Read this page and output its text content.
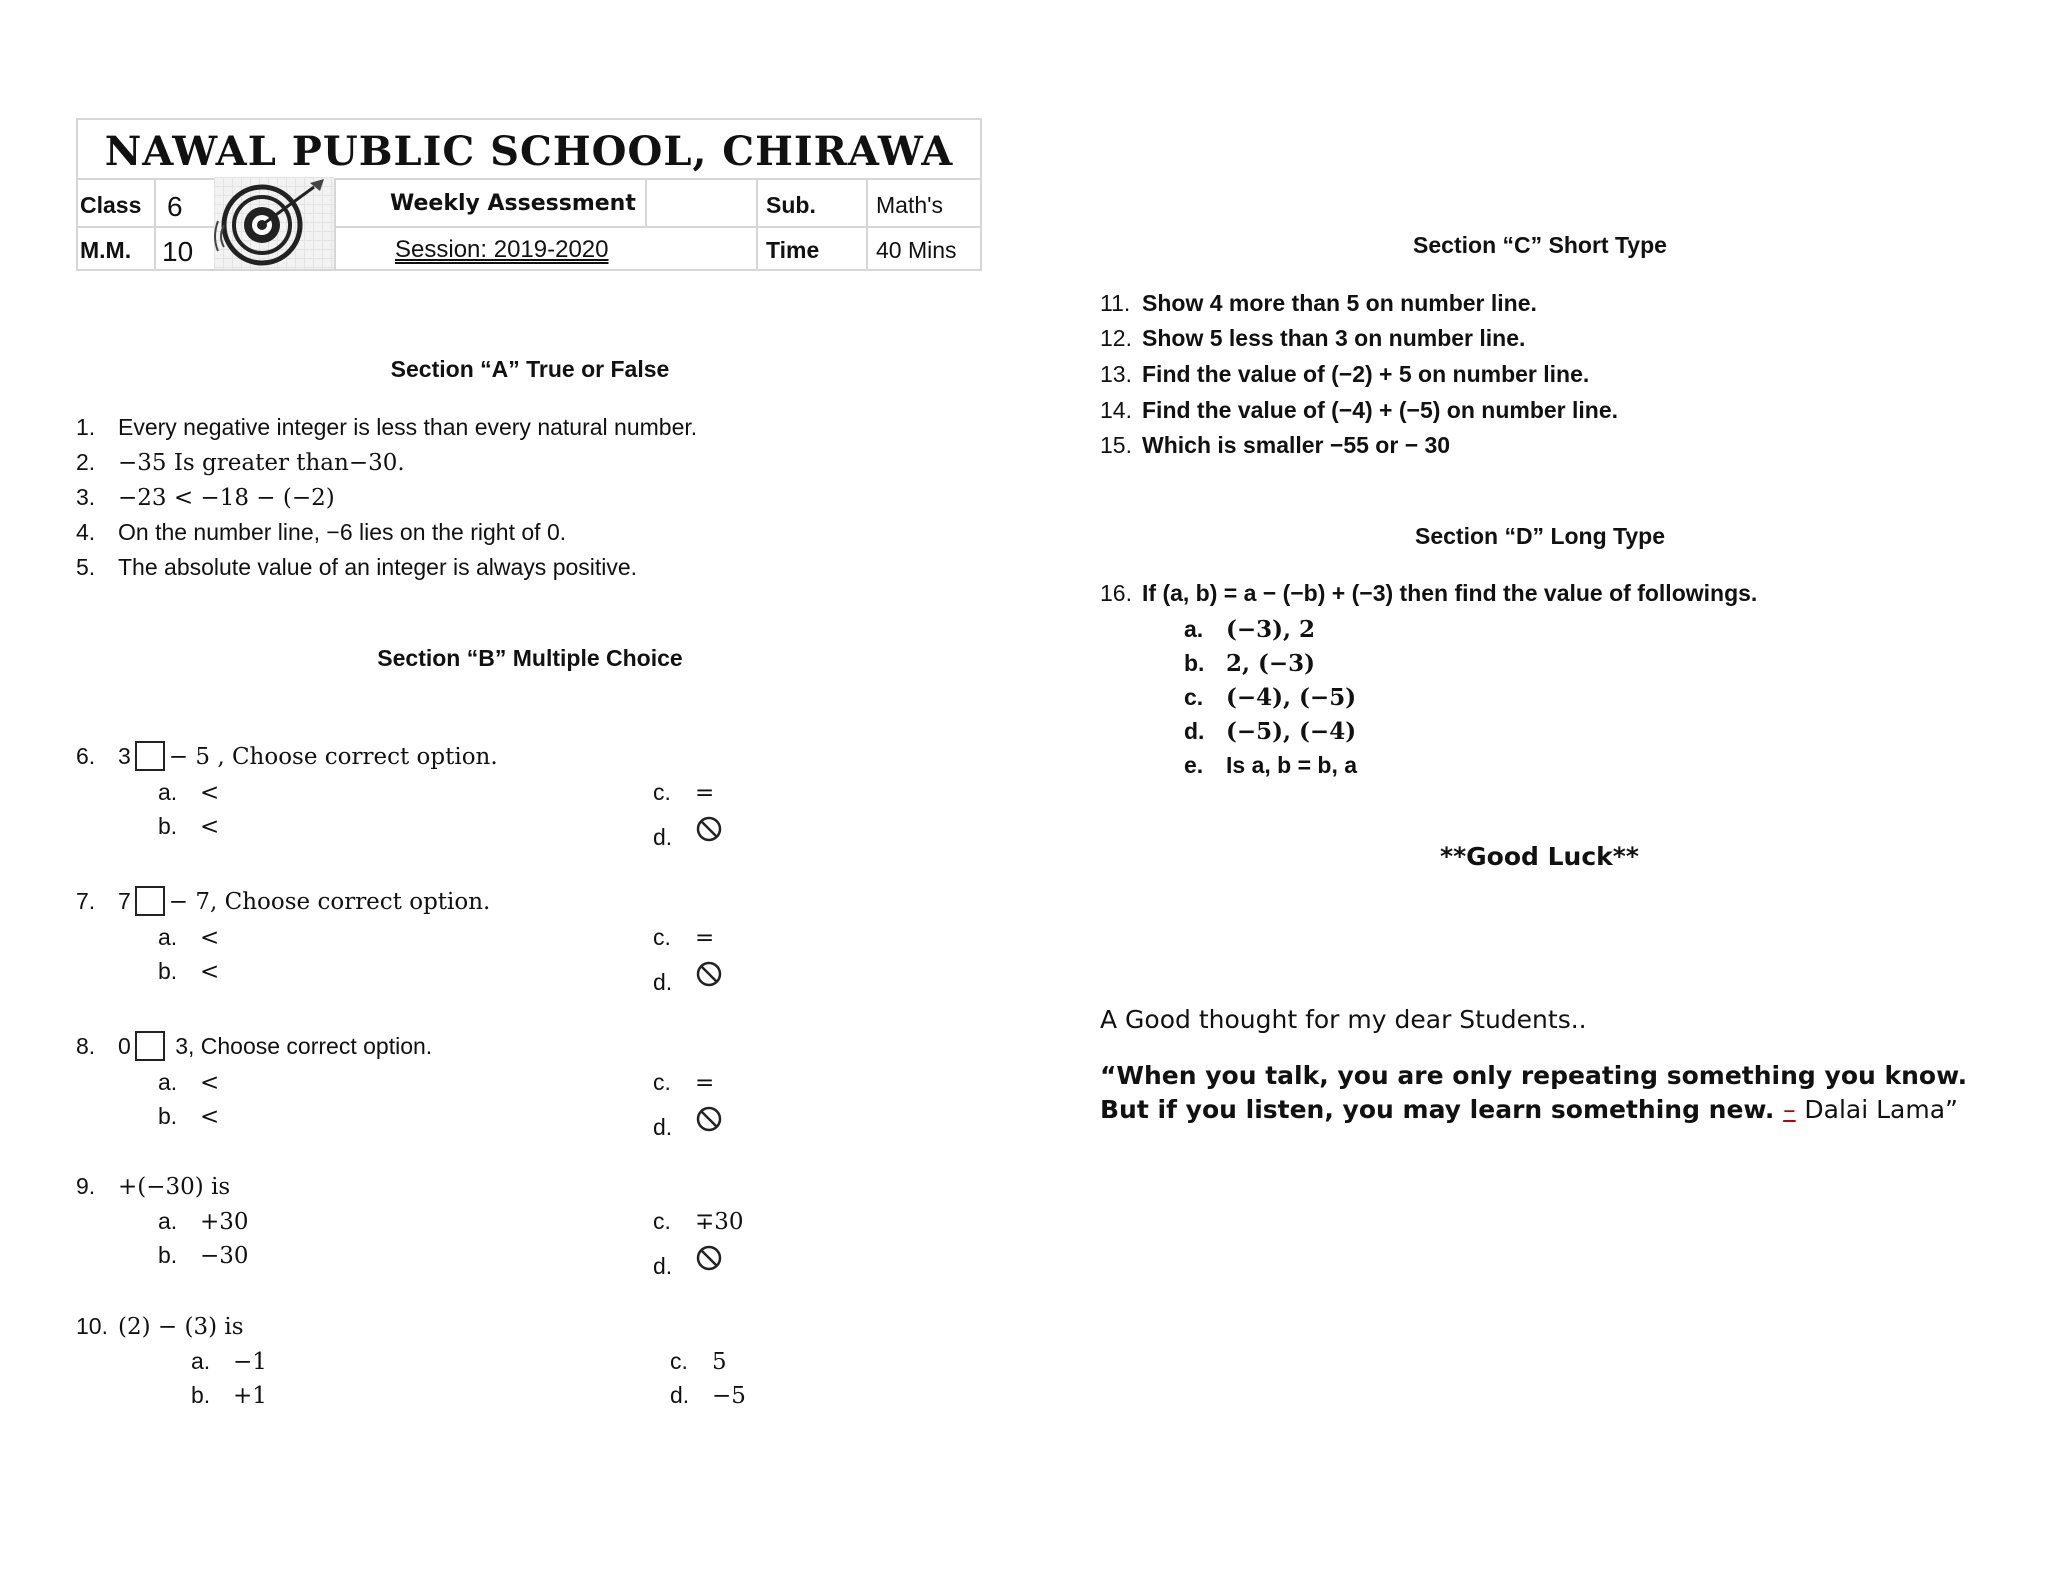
NAWAL PUBLIC SCHOOL, CHIRAWA
Class 6
M.M. 10
Weekly Assessment
Session: 2019-2020
Sub.	Math's
Time 40 Mins
Section “A” True or False
1. Every negative integer is less than every natural number.
2. −35 Is greater than−30.
3. −23 < −18 − (−2)
4. On the number line, −6 lies on the right of 0.
5. The absolute value of an integer is always positive.
Section “B” Multiple Choice
6. 3 − 5 , Choose correct option.
a. <
b. <
c. =
d.
7. 7 − 7, Choose correct option.
a. <
b. <
c. =
d.
8. 0 3, Choose correct option.
a. <
b. <
c. =
d.
9. +(−30) is
a. +30
b. −30
c. ∓30
d.
10. (2) − (3) is
a. −1
b. +1
c. 5
d. −5
Section “C” Short Type
11. Show 4 more than 5 on number line.
12. Show 5 less than 3 on number line.
13. Find the value of (−2) + 5 on number line.
14. Find the value of (−4) + (−5) on number line.
15. Which is smaller −55 or − 30
Section “D” Long Type
16. If (a, b) = a − (−b) + (−3) then find the value of followings.
a. (−3), 2
b. 2, (−3)
c. (−4), (−5)
d. (−5), (−4)
e. Is a, b = b, a
**Good Luck**
A Good thought for my dear Students..
“When you talk, you are only repeating something you know.
But if you listen, you may learn something new. – Dalai Lama”
